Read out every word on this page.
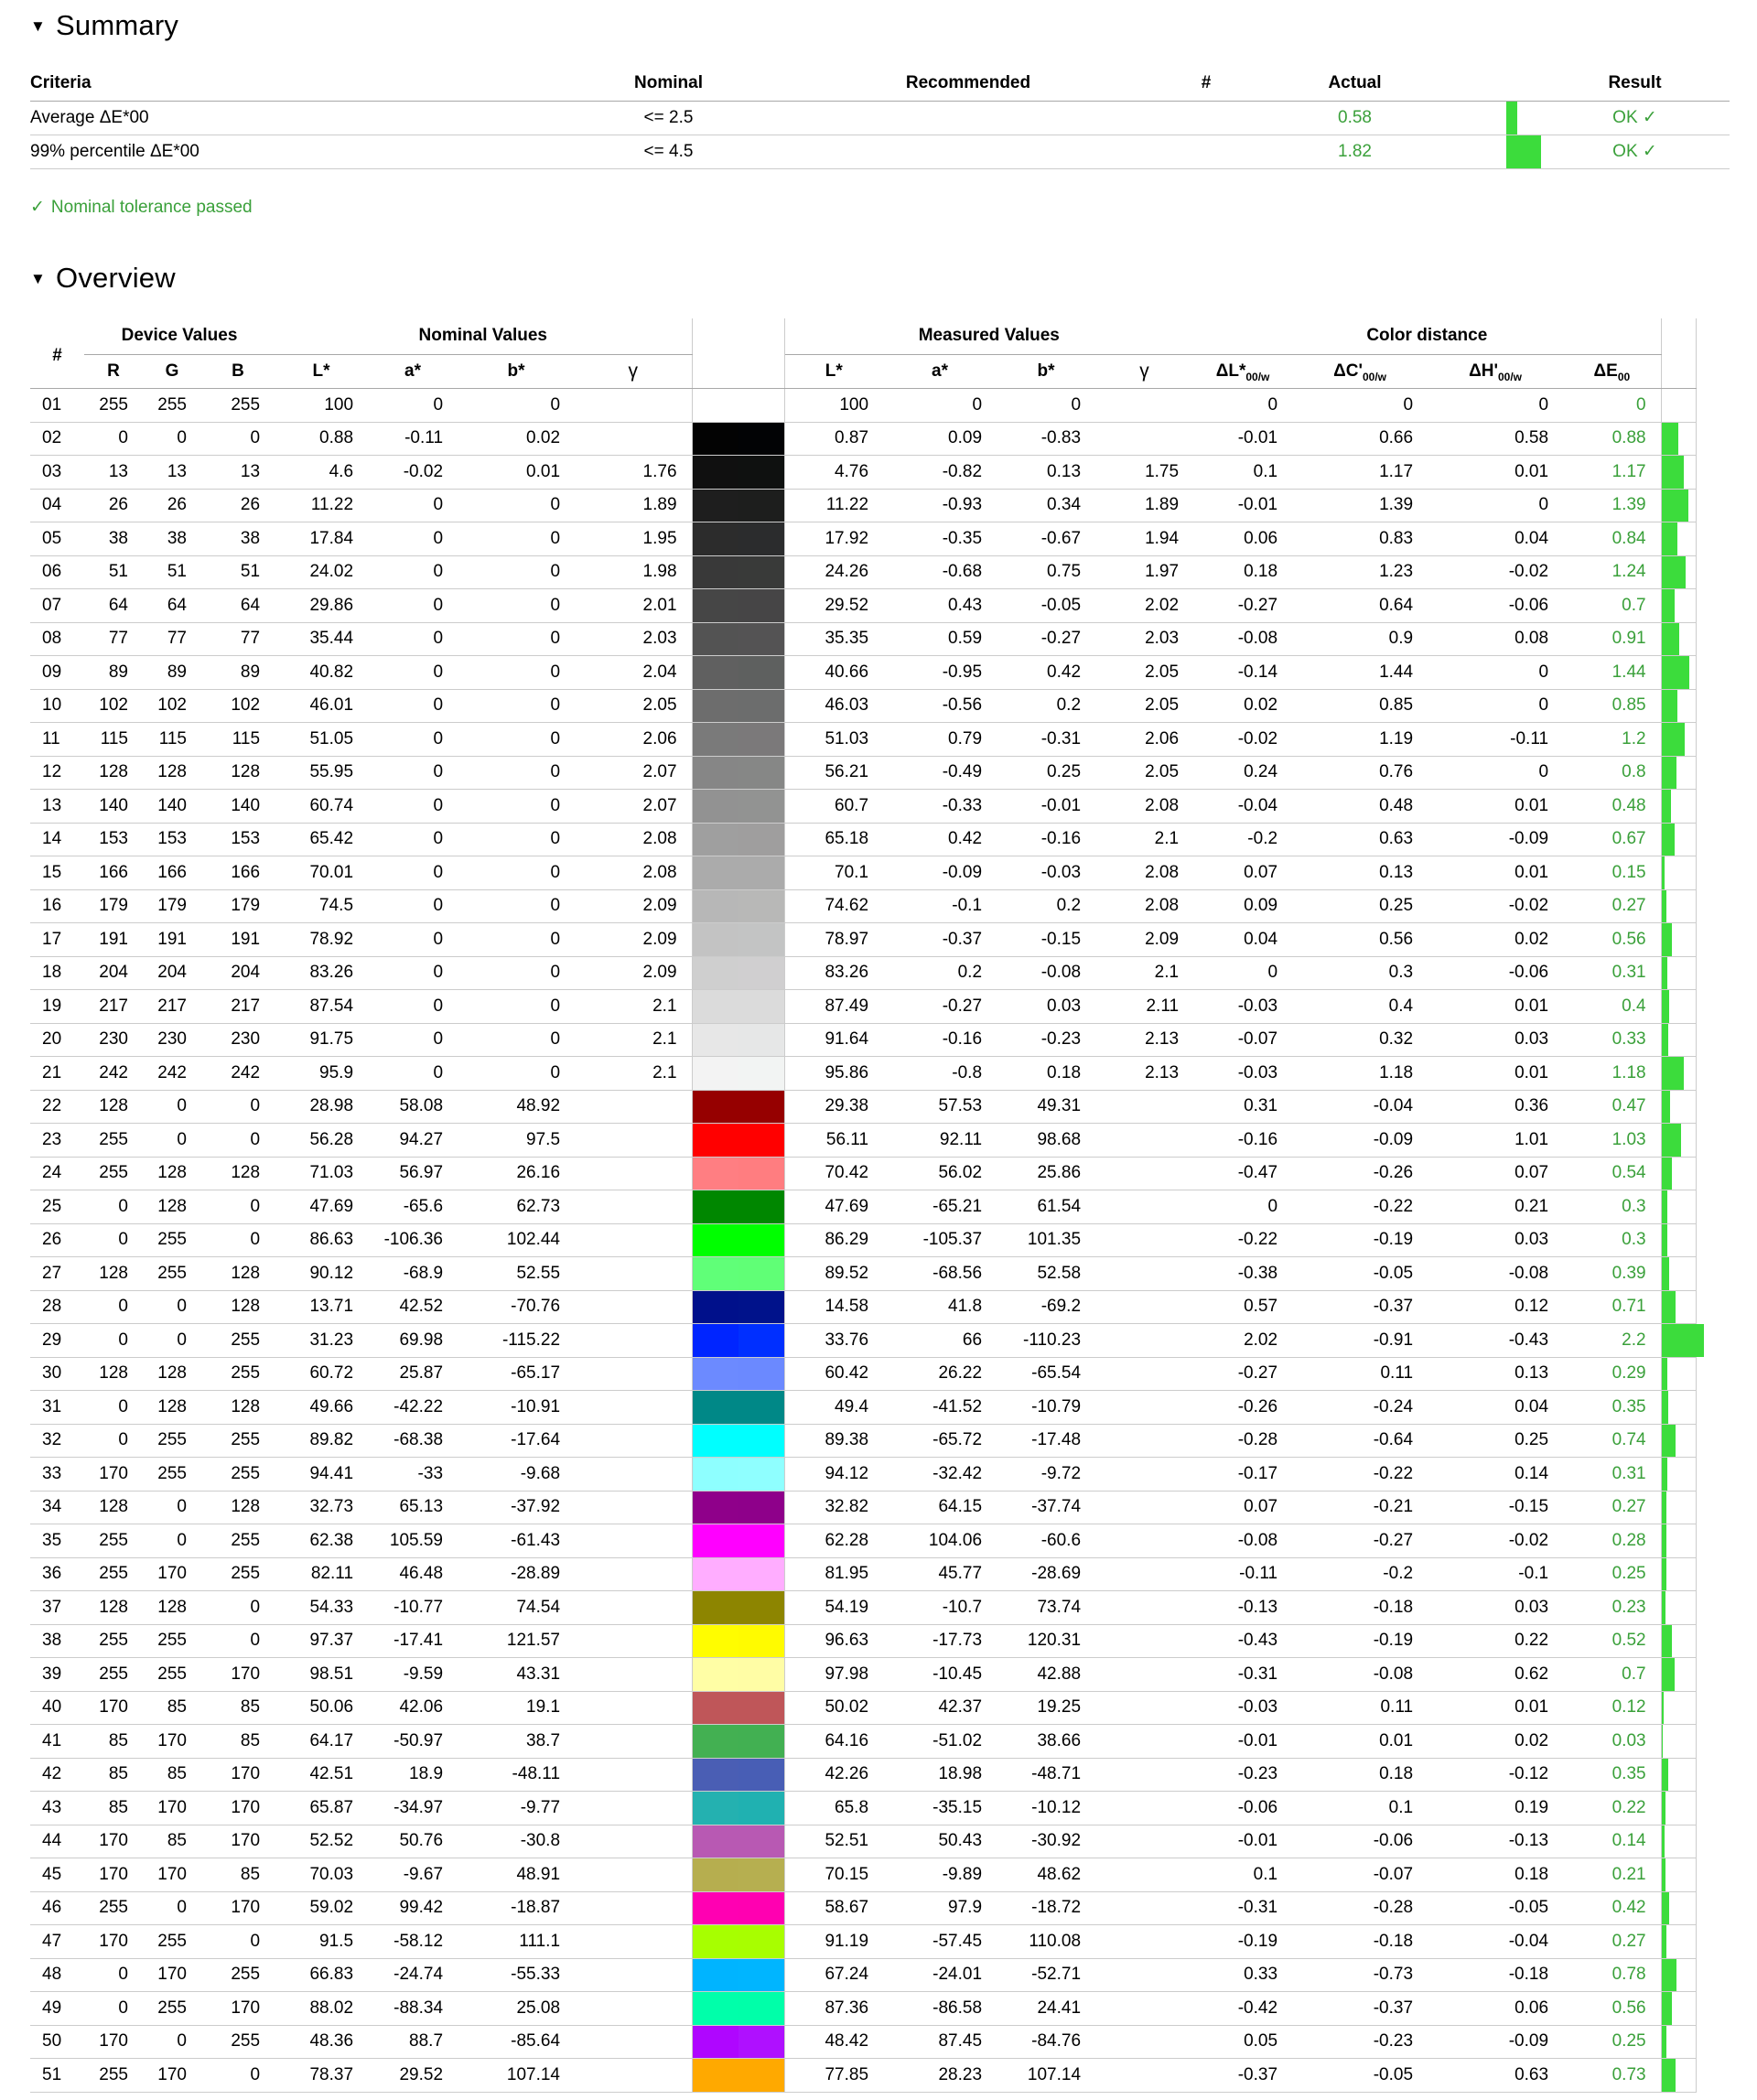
▼ Summary
Criteria	Nominal	Recommended	#	Actual		Result
Average ΔE*00	<= 2.5			0.58		OK ✓
99% percentile ΔE*00	<= 4.5			1.82		OK ✓

✓ Nominal tolerance passed

▼ Overview
#	Device Values			Nominal Values					Measured Values				Color distance				
	R	G	B	L*	a*	b*	γ		L*	a*	b*	γ	$\Delta L*_{00/w}$	$\Delta C'_{00/w}$	$\Delta H'_{00/w}$	$\Delta E_{00}$
01	255	255	255	100	0	0			100	0	0		0	0	0	0	

02	0	0	0	0.88	-0.11	0.02			0.87	0.09	-0.83		-0.01	0.66	0.58	0.88	

03	13	13	13	4.6	-0.02	0.01	1.76		4.76	-0.82	0.13	1.75	0.1	1.17	0.01	1.17	

04	26	26	26	11.22	0	0	1.89		11.22	-0.93	0.34	1.89	-0.01	1.39	0	1.39	

05	38	38	38	17.84	0	0	1.95		17.92	-0.35	-0.67	1.94	0.06	0.83	0.04	0.84	

06	51	51	51	24.02	0	0	1.98		24.26	-0.68	0.75	1.97	0.18	1.23	-0.02	1.24	

07	64	64	64	29.86	0	0	2.01		29.52	0.43	-0.05	2.02	-0.27	0.64	-0.06	0.7	

08	77	77	77	35.44	0	0	2.03		35.35	0.59	-0.27	2.03	-0.08	0.9	0.08	0.91	

09	89	89	89	40.82	0	0	2.04		40.66	-0.95	0.42	2.05	-0.14	1.44	0	1.44	

10	102	102	102	46.01	0	0	2.05		46.03	-0.56	0.2	2.05	0.02	0.85	0	0.85	

11	115	115	115	51.05	0	0	2.06		51.03	0.79	-0.31	2.06	-0.02	1.19	-0.11	1.2	

12	128	128	128	55.95	0	0	2.07		56.21	-0.49	0.25	2.05	0.24	0.76	0	0.8	

13	140	140	140	60.74	0	0	2.07		60.7	-0.33	-0.01	2.08	-0.04	0.48	0.01	0.48	

14	153	153	153	65.42	0	0	2.08		65.18	0.42	-0.16	2.1	-0.2	0.63	-0.09	0.67	

15	166	166	166	70.01	0	0	2.08		70.1	-0.09	-0.03	2.08	0.07	0.13	0.01	0.15	

16	179	179	179	74.5	0	0	2.09		74.62	-0.1	0.2	2.08	0.09	0.25	-0.02	0.27	

17	191	191	191	78.92	0	0	2.09		78.97	-0.37	-0.15	2.09	0.04	0.56	0.02	0.56	

18	204	204	204	83.26	0	0	2.09		83.26	0.2	-0.08	2.1	0	0.3	-0.06	0.31	

19	217	217	217	87.54	0	0	2.1		87.49	-0.27	0.03	2.11	-0.03	0.4	0.01	0.4	

20	230	230	230	91.75	0	0	2.1		91.64	-0.16	-0.23	2.13	-0.07	0.32	0.03	0.33	

21	242	242	242	95.9	0	0	2.1		95.86	-0.8	0.18	2.13	-0.03	1.18	0.01	1.18	

22	128	0	0	28.98	58.08	48.92			29.38	57.53	49.31		0.31	-0.04	0.36	0.47	

23	255	0	0	56.28	94.27	97.5			56.11	92.11	98.68		-0.16	-0.09	1.01	1.03	

24	255	128	128	71.03	56.97	26.16			70.42	56.02	25.86		-0.47	-0.26	0.07	0.54	

25	0	128	0	47.69	-65.6	62.73			47.69	-65.21	61.54		0	-0.22	0.21	0.3	

26	0	255	0	86.63	-106.36	102.44			86.29	-105.37	101.35		-0.22	-0.19	0.03	0.3	

27	128	255	128	90.12	-68.9	52.55			89.52	-68.56	52.58		-0.38	-0.05	-0.08	0.39	

28	0	0	128	13.71	42.52	-70.76			14.58	41.8	-69.2		0.57	-0.37	0.12	0.71	

29	0	0	255	31.23	69.98	-115.22			33.76	66	-110.23		2.02	-0.91	-0.43	2.2	

30	128	128	255	60.72	25.87	-65.17			60.42	26.22	-65.54		-0.27	0.11	0.13	0.29	

31	0	128	128	49.66	-42.22	-10.91			49.4	-41.52	-10.79		-0.26	-0.24	0.04	0.35	

32	0	255	255	89.82	-68.38	-17.64			89.38	-65.72	-17.48		-0.28	-0.64	0.25	0.74	

33	170	255	255	94.41	-33	-9.68			94.12	-32.42	-9.72		-0.17	-0.22	0.14	0.31	

34	128	0	128	32.73	65.13	-37.92			32.82	64.15	-37.74		0.07	-0.21	-0.15	0.27	

35	255	0	255	62.38	105.59	-61.43			62.28	104.06	-60.6		-0.08	-0.27	-0.02	0.28	

36	255	170	255	82.11	46.48	-28.89			81.95	45.77	-28.69		-0.11	-0.2	-0.1	0.25	

37	128	128	0	54.33	-10.77	74.54			54.19	-10.7	73.74		-0.13	-0.18	0.03	0.23	

38	255	255	0	97.37	-17.41	121.57			96.63	-17.73	120.31		-0.43	-0.19	0.22	0.52	

39	255	255	170	98.51	-9.59	43.31			97.98	-10.45	42.88		-0.31	-0.08	0.62	0.7	

40	170	85	85	50.06	42.06	19.1			50.02	42.37	19.25		-0.03	0.11	0.01	0.12	

41	85	170	85	64.17	-50.97	38.7			64.16	-51.02	38.66		-0.01	0.01	0.02	0.03	

42	85	85	170	42.51	18.9	-48.11			42.26	18.98	-48.71		-0.23	0.18	-0.12	0.35	

43	85	170	170	65.87	-34.97	-9.77			65.8	-35.15	-10.12		-0.06	0.1	0.19	0.22	

44	170	85	170	52.52	50.76	-30.8			52.51	50.43	-30.92		-0.01	-0.06	-0.13	0.14	

45	170	170	85	70.03	-9.67	48.91			70.15	-9.89	48.62		0.1	-0.07	0.18	0.21	

46	255	0	170	59.02	99.42	-18.87			58.67	97.9	-18.72		-0.31	-0.28	-0.05	0.42	

47	170	255	0	91.5	-58.12	111.1			91.19	-57.45	110.08		-0.19	-0.18	-0.04	0.27	

48	0	170	255	66.83	-24.74	-55.33			67.24	-24.01	-52.71		0.33	-0.73	-0.18	0.78	

49	0	255	170	88.02	-88.34	25.08			87.36	-86.58	24.41		-0.42	-0.37	0.06	0.56	

50	170	0	255	48.36	88.7	-85.64			48.42	87.45	-84.76		0.05	-0.23	-0.09	0.25	

51	255	170	0	78.37	29.52	107.14			77.85	28.23	107.14		-0.37	-0.05	0.63	0.73	
